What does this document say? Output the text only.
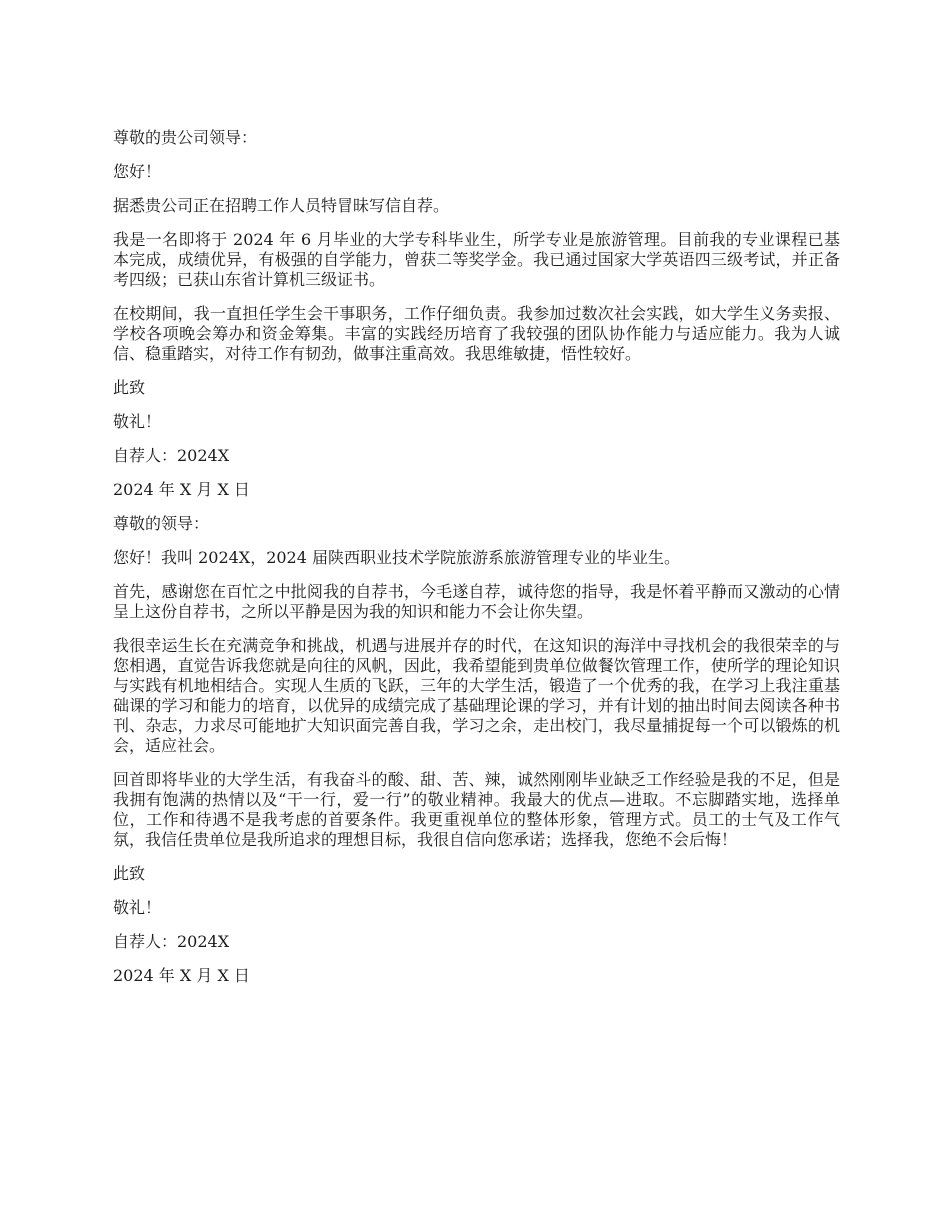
尊敬的贵公司领导：

您好！

据悉贵公司正在招聘工作人员特冒昧写信自荐。

我是一名即将于 2024 年 6 月毕业的大学专科毕业生，所学专业是旅游管理。目前我的专业课程已基本完成，成绩优异，有极强的自学能力，曾获二等奖学金。我已通过国家大学英语四三级考试，并正备考四级；已获山东省计算机三级证书。

在校期间，我一直担任学生会干事职务，工作仔细负责。我参加过数次社会实践，如大学生义务卖报、学校各项晚会筹办和资金筹集。丰富的实践经历培育了我较强的团队协作能力与适应能力。我为人诚信、稳重踏实，对待工作有韧劲，做事注重高效。我思维敏捷，悟性较好。

此致

敬礼！

自荐人：2024X

2024 年 X 月 X 日

尊敬的领导：

您好！我叫 2024X，2024 届陕西职业技术学院旅游系旅游管理专业的毕业生。

首先，感谢您在百忙之中批阅我的自荐书，今毛遂自荐，诚待您的指导，我是怀着平静而又激动的心情呈上这份自荐书，之所以平静是因为我的知识和能力不会让你失望。

我很幸运生长在充满竞争和挑战，机遇与进展并存的时代，在这知识的海洋中寻找机会的我很荣幸的与您相遇，直觉告诉我您就是向往的风帆，因此，我希望能到贵单位做餐饮管理工作，使所学的理论知识与实践有机地相结合。实现人生质的飞跃，三年的大学生活，锻造了一个优秀的我，在学习上我注重基础课的学习和能力的培育，以优异的成绩完成了基础理论课的学习，并有计划的抽出时间去阅读各种书刊、杂志，力求尽可能地扩大知识面完善自我，学习之余，走出校门，我尽量捕捉每一个可以锻炼的机会，适应社会。

回首即将毕业的大学生活，有我奋斗的酸、甜、苦、辣，诚然刚刚毕业缺乏工作经验是我的不足，但是我拥有饱满的热情以及“干一行，爱一行”的敬业精神。我最大的优点—进取。不忘脚踏实地，选择单位，工作和待遇不是我考虑的首要条件。我更重视单位的整体形象，管理方式。员工的士气及工作气氛，我信任贵单位是我所追求的理想目标，我很自信向您承诺；选择我，您绝不会后悔！

此致

敬礼！

自荐人：2024X

2024 年 X 月 X 日
